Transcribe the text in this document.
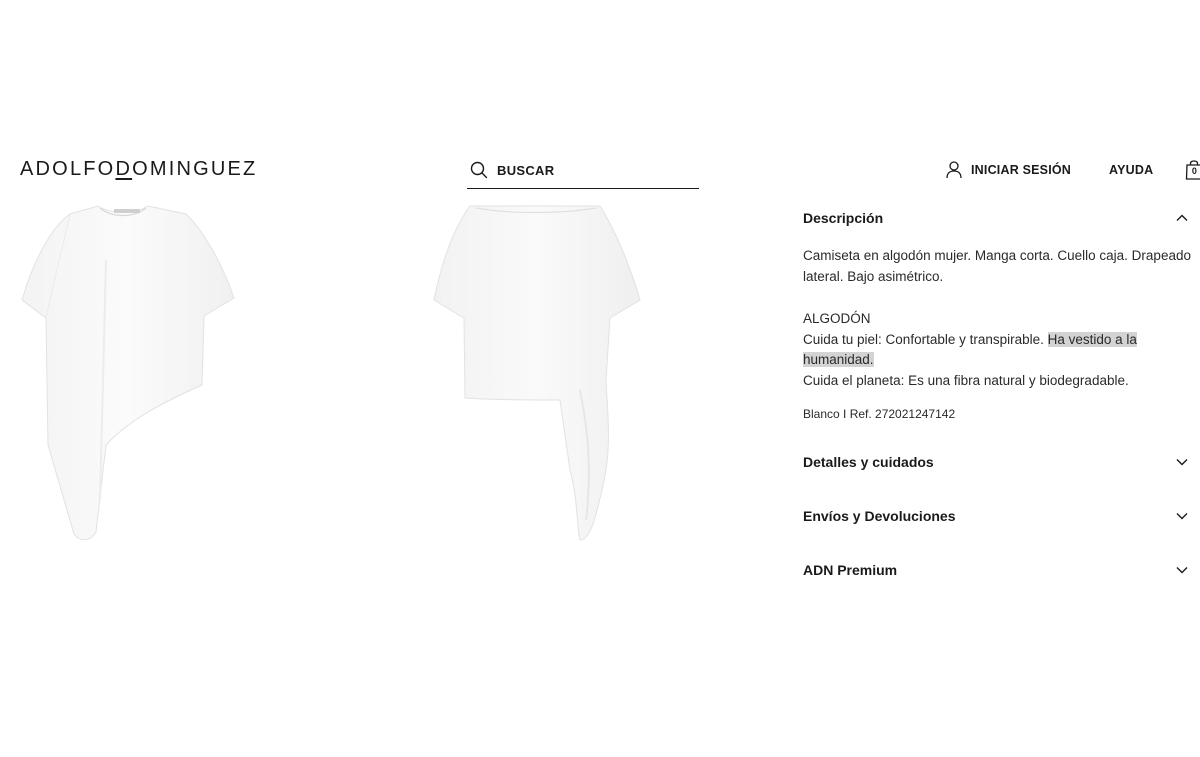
ADOLFODOMINGUEZ
BUSCAR	INICIAR SESIÓN	AYUDA	0
Descripción

Camiseta en algodón mujer. Manga corta. Cuello caja. Drapeado lateral. Bajo asimétrico.

ALGODÓN

Cuida tu piel: Confortable y transpirable. Ha vestido a la humanidad.

Cuida el planeta: Es una fibra natural y biodegradable.

Blanco I Ref. 272021247142
Detalles y cuidados
Envíos y Devoluciones
ADN Premium
